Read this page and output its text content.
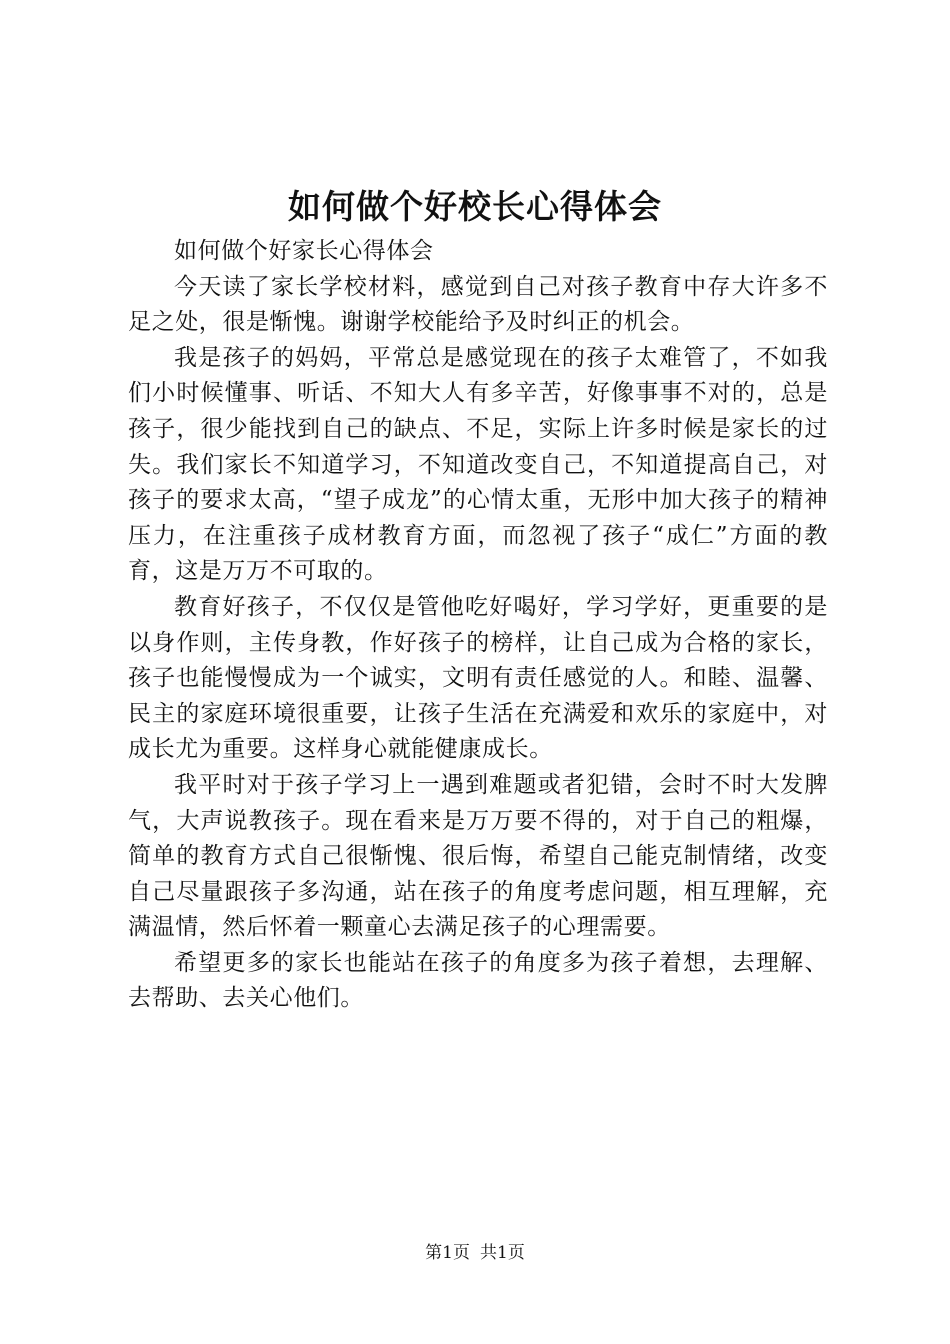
如何做个好校长心得体会

如何做个好家长心得体会

今天读了家长学校材料，感觉到自己对孩子教育中存大许多不足之处，很是惭愧。谢谢学校能给予及时纠正的机会。

我是孩子的妈妈，平常总是感觉现在的孩子太难管了，不如我们小时候懂事、听话、不知大人有多辛苦，好像事事不对的，总是孩子，很少能找到自己的缺点、不足，实际上许多时候是家长的过失。我们家长不知道学习，不知道改变自己，不知道提高自己，对孩子的要求太高，“望子成龙”的心情太重，无形中加大孩子的精神压力，在注重孩子成材教育方面，而忽视了孩子“成仁”方面的教育，这是万万不可取的。

教育好孩子，不仅仅是管他吃好喝好，学习学好，更重要的是以身作则，主传身教，作好孩子的榜样，让自己成为合格的家长，孩子也能慢慢成为一个诚实，文明有责任感觉的人。和睦、温馨、民主的家庭环境很重要，让孩子生活在充满爱和欢乐的家庭中，对成长尤为重要。这样身心就能健康成长。

我平时对于孩子学习上一遇到难题或者犯错，会时不时大发脾气，大声说教孩子。现在看来是万万要不得的，对于自己的粗爆，简单的教育方式自己很惭愧、很后悔，希望自己能克制情绪，改变自己尽量跟孩子多沟通，站在孩子的角度考虑问题，相互理解，充满温情，然后怀着一颗童心去满足孩子的心理需要。

希望更多的家长也能站在孩子的角度多为孩子着想，去理解、去帮助、去关心他们。

第1页 共1页
